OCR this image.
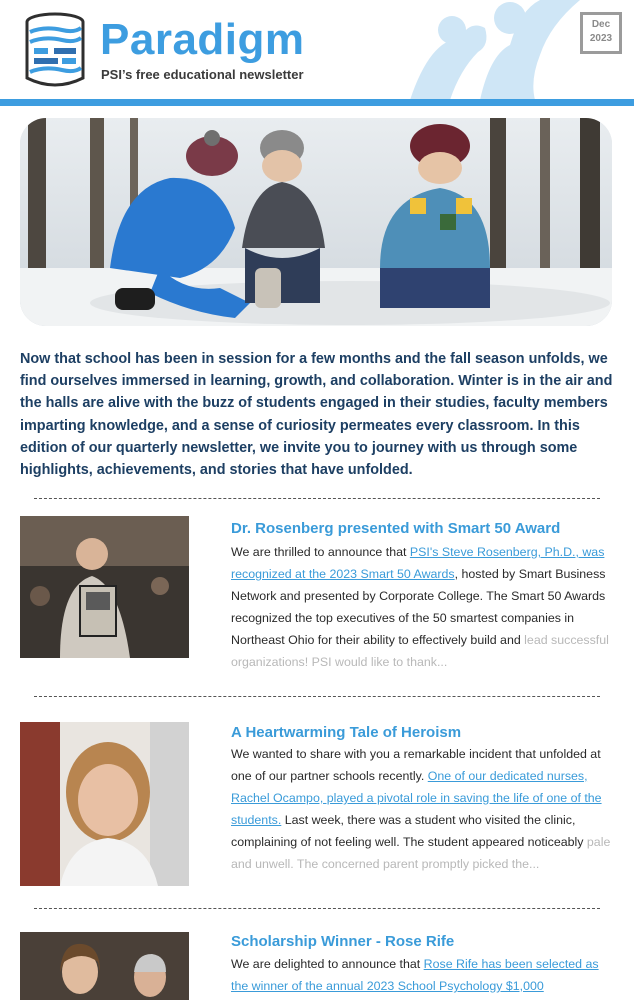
Paradigm
PSI’s free educational newsletter
Dec
2023
Now that school has been in session for a few months and the fall season unfolds, we find ourselves immersed in learning, growth, and collaboration. Winter is in the air and the halls are alive with the buzz of students engaged in their studies, faculty members imparting knowledge, and a sense of curiosity permeates every classroom. In this edition of our quarterly newsletter, we invite you to journey with us through some highlights, achievements, and stories that have unfolded.
Dr. Rosenberg presented with Smart 50 Award
We are thrilled to announce that PSI's Steve Rosenberg, Ph.D., was recognized at the 2023 Smart 50 Awards, hosted by Smart Business Network and presented by Corporate College. The Smart 50 Awards recognized the top executives of the 50 smartest companies in Northeast Ohio for their ability to effectively build and lead successful organizations! PSI would like to thank...
A Heartwarming Tale of Heroism
We wanted to share with you a remarkable incident that unfolded at one of our partner schools recently. One of our dedicated nurses, Rachel Ocampo, played a pivotal role in saving the life of one of the students. Last week, there was a student who visited the clinic, complaining of not feeling well. The student appeared noticeably pale and unwell. The concerned parent promptly picked the...
Scholarship Winner - Rose Rife
We are delighted to announce that Rose Rife has been selected as the winner of the annual 2023 School Psychology $1,000
